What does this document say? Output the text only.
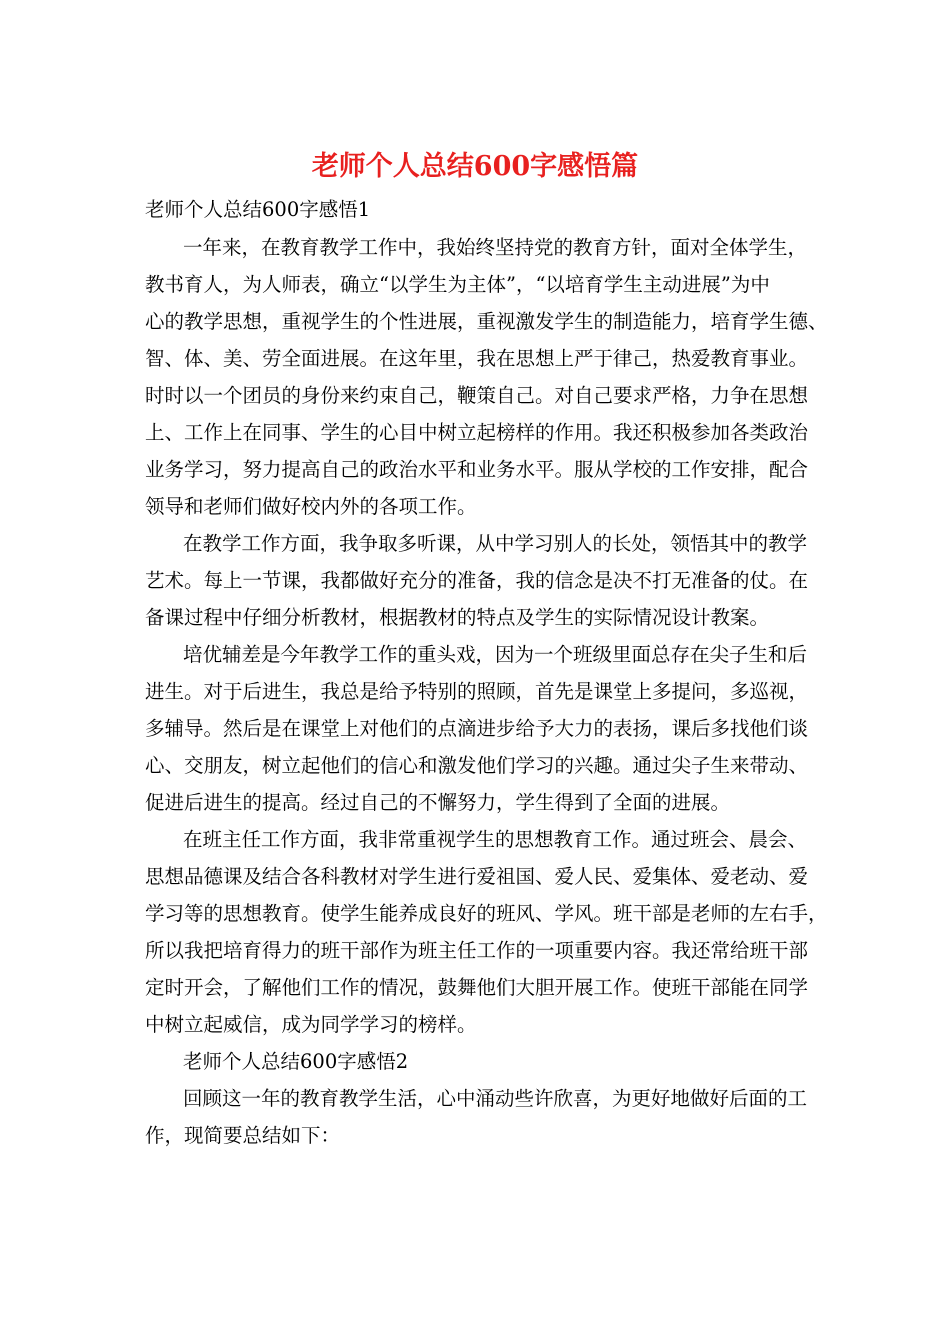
老师个人总结600字感悟篇
老师个人总结600字感悟1
一年来，在教育教学工作中，我始终坚持党的教育方针，面对全体学生，
教书育人，为人师表，确立“以学生为主体”，“以培育学生主动进展”为中
心的教学思想，重视学生的个性进展，重视激发学生的制造能力，培育学生德、
智、体、美、劳全面进展。在这年里，我在思想上严于律己，热爱教育事业。
时时以一个团员的身份来约束自己，鞭策自己。对自己要求严格，力争在思想
上、工作上在同事、学生的心目中树立起榜样的作用。我还积极参加各类政治
业务学习，努力提高自己的政治水平和业务水平。服从学校的工作安排，配合
领导和老师们做好校内外的各项工作。
在教学工作方面，我争取多听课，从中学习别人的长处，领悟其中的教学
艺术。每上一节课，我都做好充分的准备，我的信念是决不打无准备的仗。在
备课过程中仔细分析教材，根据教材的特点及学生的实际情况设计教案。
培优辅差是今年教学工作的重头戏，因为一个班级里面总存在尖子生和后
进生。对于后进生，我总是给予特别的照顾，首先是课堂上多提问，多巡视，
多辅导。然后是在课堂上对他们的点滴进步给予大力的表扬，课后多找他们谈
心、交朋友，树立起他们的信心和激发他们学习的兴趣。通过尖子生来带动、
促进后进生的提高。经过自己的不懈努力，学生得到了全面的进展。
在班主任工作方面，我非常重视学生的思想教育工作。通过班会、晨会、
思想品德课及结合各科教材对学生进行爱祖国、爱人民、爱集体、爱老动、爱
学习等的思想教育。使学生能养成良好的班风、学风。班干部是老师的左右手，
所以我把培育得力的班干部作为班主任工作的一项重要内容。我还常给班干部
定时开会，了解他们工作的情况，鼓舞他们大胆开展工作。使班干部能在同学
中树立起威信，成为同学学习的榜样。
老师个人总结600字感悟2
回顾这一年的教育教学生活，心中涌动些许欣喜，为更好地做好后面的工
作，现简要总结如下：
